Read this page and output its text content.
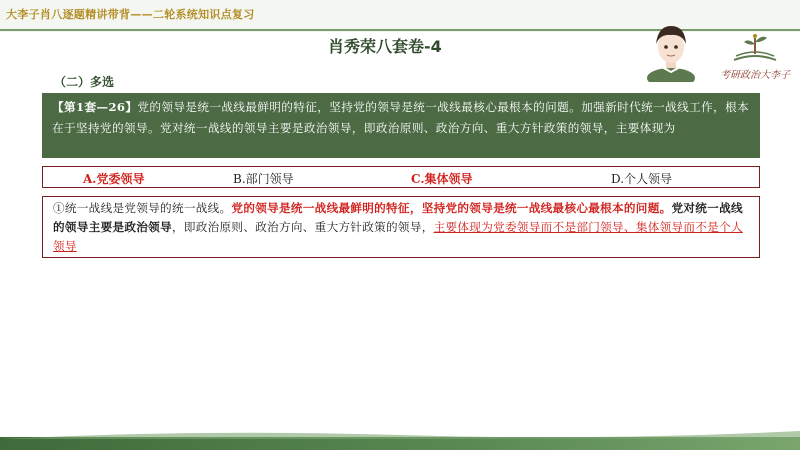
大李子肖八逐题精讲带背——二轮系统知识点复习
肖秀荣八套卷-4
考研政治大李子
（二）多选
【第1套—26】党的领导是统一战线最鲜明的特征，坚持党的领导是统一战线最核心最根本的问题。加强新时代统一战线工作，根本在于坚持党的领导。党对统一战线的领导主要是政治领导，即政治原则、政治方向、重大方针政策的领导，主要体现为
A.党委领导	B.部门领导	C.集体领导	D.个人领导
①统一战线是党领导的统一战线。党的领导是统一战线最鲜明的特征，坚持党的领导是统一战线最核心最根本的问题。党对统一战线的领导主要是政治领导，即政治原则、政治方向、重大方针政策的领导，主要体现为党委领导而不是部门领导、集体领导而不是个人领导
